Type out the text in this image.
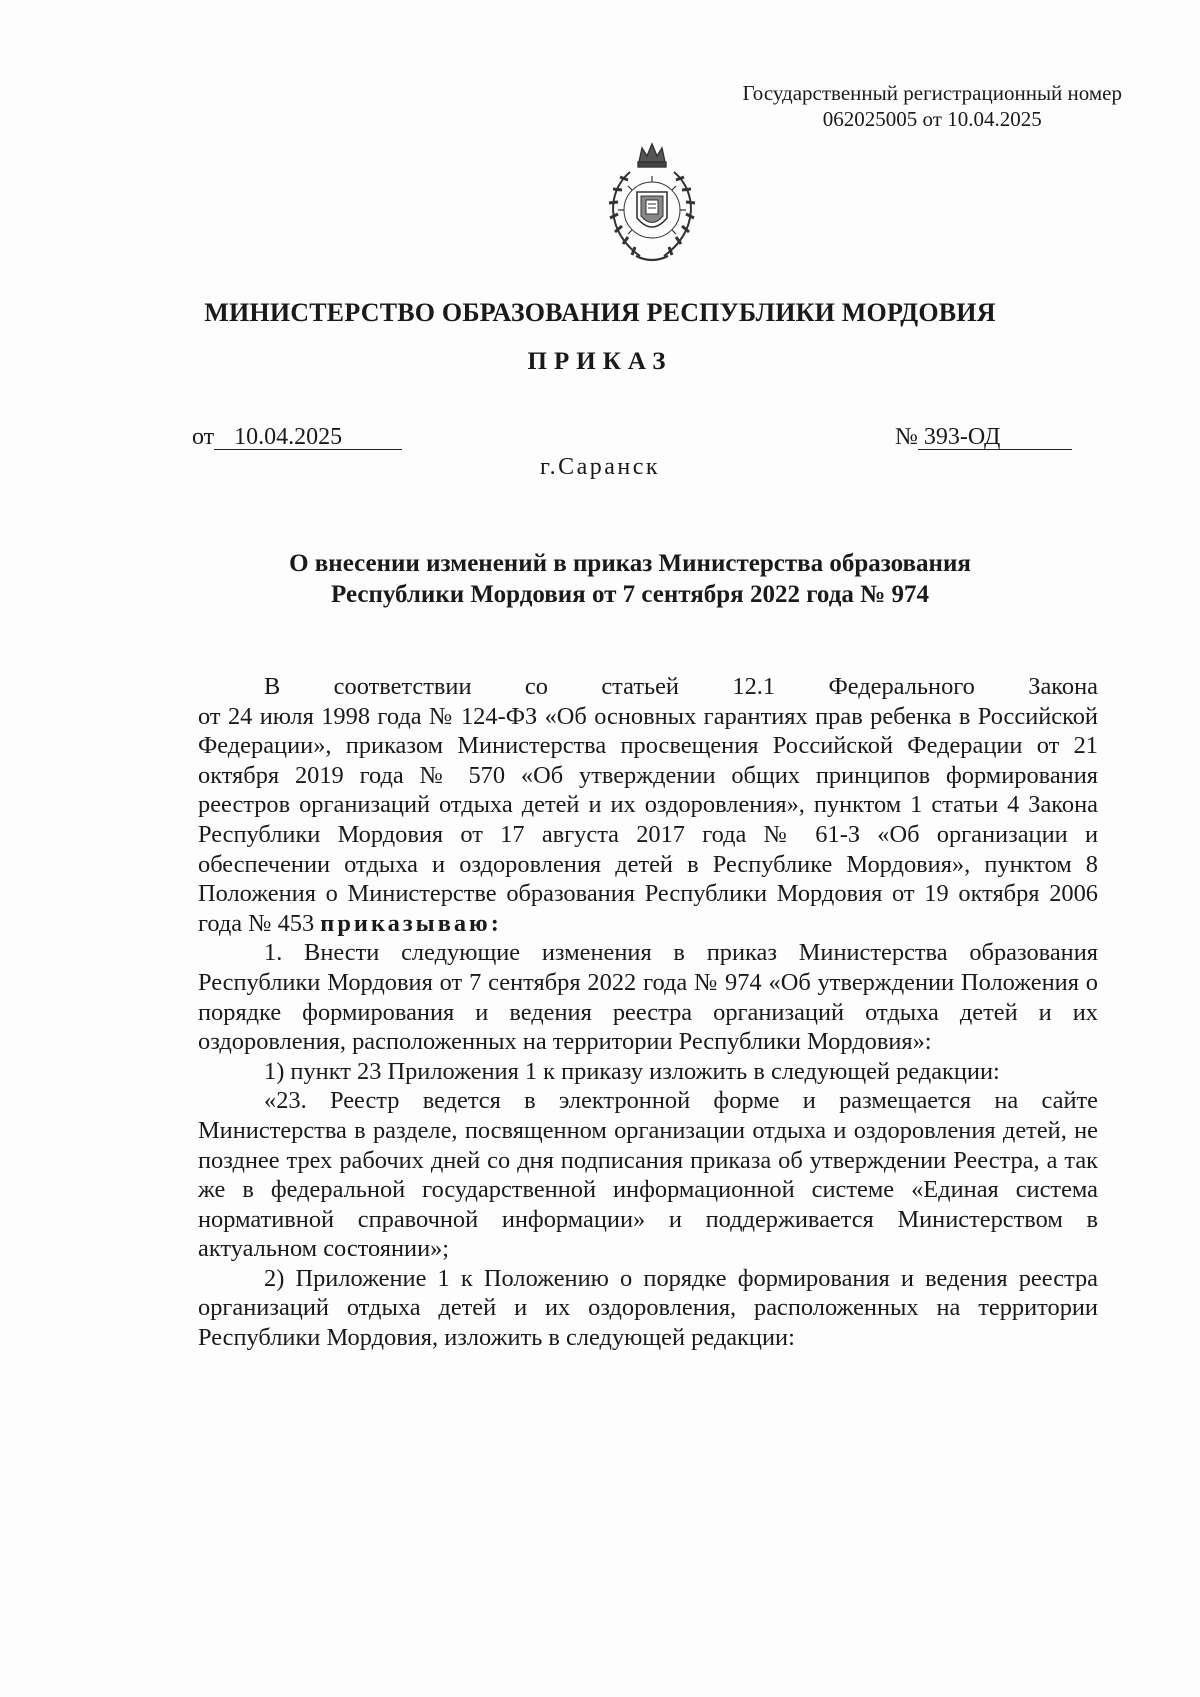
Государственный регистрационный номер
062025005 от 10.04.2025
МИНИСТЕРСТВО ОБРАЗОВАНИЯ РЕСПУБЛИКИ МОРДОВИЯ
ПРИКАЗ
от 10.04.2025	№ 393-ОД
г.Саранск
О внесении изменений в приказ Министерства образования
Республики Мордовия от 7 сентября 2022 года № 974

В соответствии со статьей 12.1 Федерального Закона

от 24 июля 1998 года № 124-ФЗ «Об основных гарантиях прав ребенка в Российской Федерации», приказом Министерства просвещения Российской Федерации от 21 октября 2019 года № 570 «Об утверждении общих принципов формирования реестров организаций отдыха детей и их оздоровления», пунктом 1 статьи 4 Закона Республики Мордовия от 17 августа 2017 года № 61-З «Об организации и обеспечении отдыха и оздоровления детей в Республике Мордовия», пунктом 8 Положения о Министерстве образования Республики Мордовия от 19 октября 2006 года № 453 приказываю:

1. Внести следующие изменения в приказ Министерства образования Республики Мордовия от 7 сентября 2022 года № 974 «Об утверждении Положения о порядке формирования и ведения реестра организаций отдыха детей и их оздоровления, расположенных на территории Республики Мордовия»:

1) пункт 23 Приложения 1 к приказу изложить в следующей редакции:

«23. Реестр ведется в электронной форме и размещается на сайте Министерства в разделе, посвященном организации отдыха и оздоровления детей, не позднее трех рабочих дней со дня подписания приказа об утверждении Реестра, а так же в федеральной государственной информационной системе «Единая система нормативной справочной информации» и поддерживается Министерством в актуальном состоянии»;

2) Приложение 1 к Положению о порядке формирования и ведения реестра организаций отдыха детей и их оздоровления, расположенных на территории Республики Мордовия, изложить в следующей редакции:
